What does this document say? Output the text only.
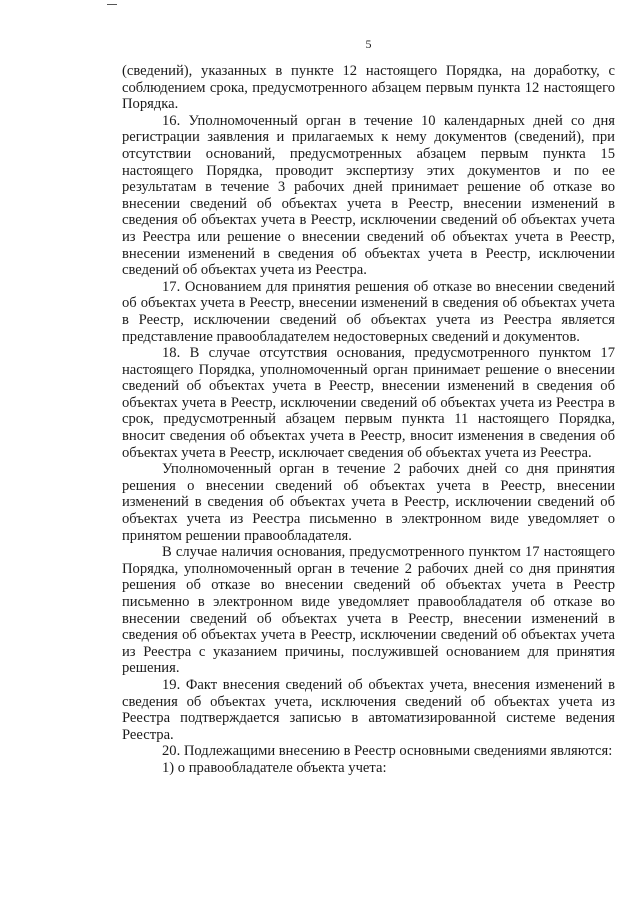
5

(сведений), указанных в пункте 12 настоящего Порядка, на доработку, с соблюдением срока, предусмотренного абзацем первым пункта 12 настоящего Порядка.

16. Уполномоченный орган в течение 10 календарных дней со дня регистрации заявления и прилагаемых к нему документов (сведений), при отсутствии оснований, предусмотренных абзацем первым пункта 15 настоящего Порядка, проводит экспертизу этих документов и по ее результатам в течение 3 рабочих дней принимает решение об отказе во внесении сведений об объектах учета в Реестр, внесении изменений в сведения об объектах учета в Реестр, исключении сведений об объектах учета из Реестра или решение о внесении сведений об объектах учета в Реестр, внесении изменений в сведения об объектах учета в Реестр, исключении сведений об объектах учета из Реестра.

17. Основанием для принятия решения об отказе во внесении сведений об объектах учета в Реестр, внесении изменений в сведения об объектах учета в Реестр, исключении сведений об объектах учета из Реестра является представление правообладателем недостоверных сведений и документов.

18. В случае отсутствия основания, предусмотренного пунктом 17 настоящего Порядка, уполномоченный орган принимает решение о внесении сведений об объектах учета в Реестр, внесении изменений в сведения об объектах учета в Реестр, исключении сведений об объектах учета из Реестра в срок, предусмотренный абзацем первым пункта 11 настоящего Порядка, вносит сведения об объектах учета в Реестр, вносит изменения в сведения об объектах учета в Реестр, исключает сведения об объектах учета из Реестра.

Уполномоченный орган в течение 2 рабочих дней со дня принятия решения о внесении сведений об объектах учета в Реестр, внесении изменений в сведения об объектах учета в Реестр, исключении сведений об объектах учета из Реестра письменно в электронном виде уведомляет о принятом решении правообладателя.

В случае наличия основания, предусмотренного пунктом 17 настоящего Порядка, уполномоченный орган в течение 2 рабочих дней со дня принятия решения об отказе во внесении сведений об объектах учета в Реестр письменно в электронном виде уведомляет правообладателя об отказе во внесении сведений об объектах учета в Реестр, внесении изменений в сведения об объектах учета в Реестр, исключении сведений об объектах учета из Реестра с указанием причины, послужившей основанием для принятия решения.

19. Факт внесения сведений об объектах учета, внесения изменений в сведения об объектах учета, исключения сведений об объектах учета из Реестра подтверждается записью в автоматизированной системе ведения Реестра.

20. Подлежащими внесению в Реестр основными сведениями являются:

1) о правообладателе объекта учета:
